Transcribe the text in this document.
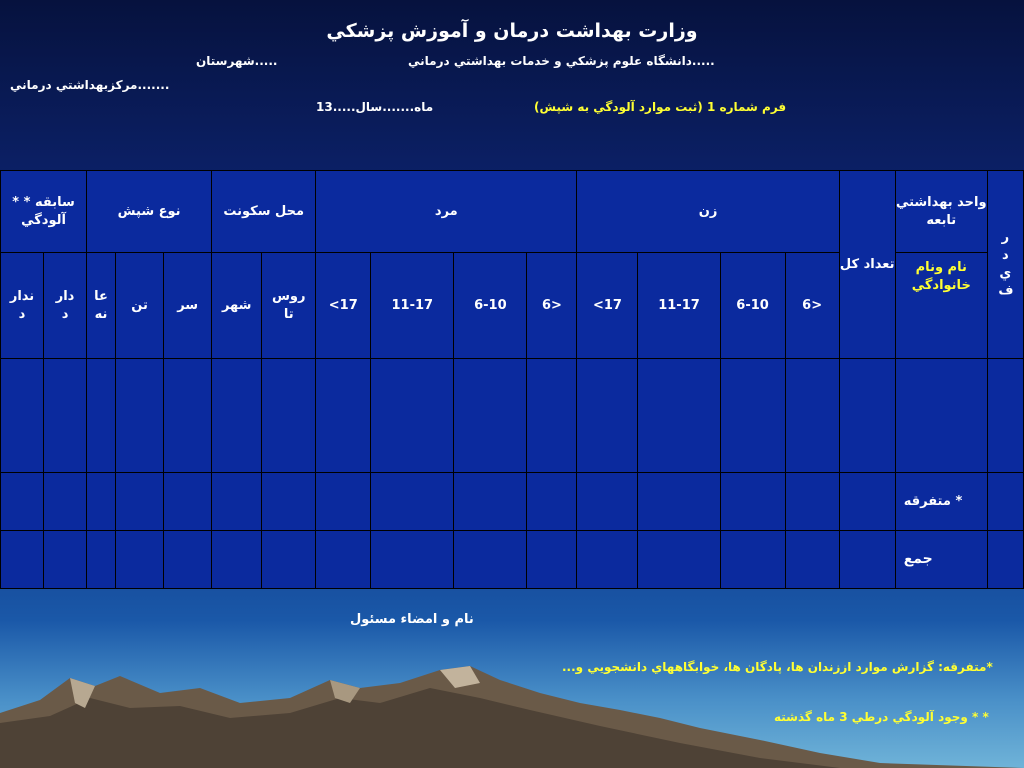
وزارت بهداشت درمان و آموزش پزشكي
دانشگاه علوم پزشكي و خدمات بهداشتي درماني.....
شهرستان.....
مركزبهداشتي درماني.......
فرم شماره 1 (ثبت موارد آلودگي به شپش)
ماه.......سال.....13
* * سابقه آلودگي		نوع شپش			محل سكونت		مرد				زن				تعداد كل	واحد بهداشتي تابعه	ردي ف
ندار د	دار د	عانه	تن	سر	شهر	روس تا	<17	11-17	6-10	6>	<17	11-17	6-10	6>		نام ونام خانوادگي	

																متفرقه *	
																جمع	
نام و امضاء مسئول
*متفرقه: گزارش موارد اززندان ها، پادگان ها، خوابگاههاي دانشجويي و...
* * وجود آلودگي درطي 3 ماه گذشته
